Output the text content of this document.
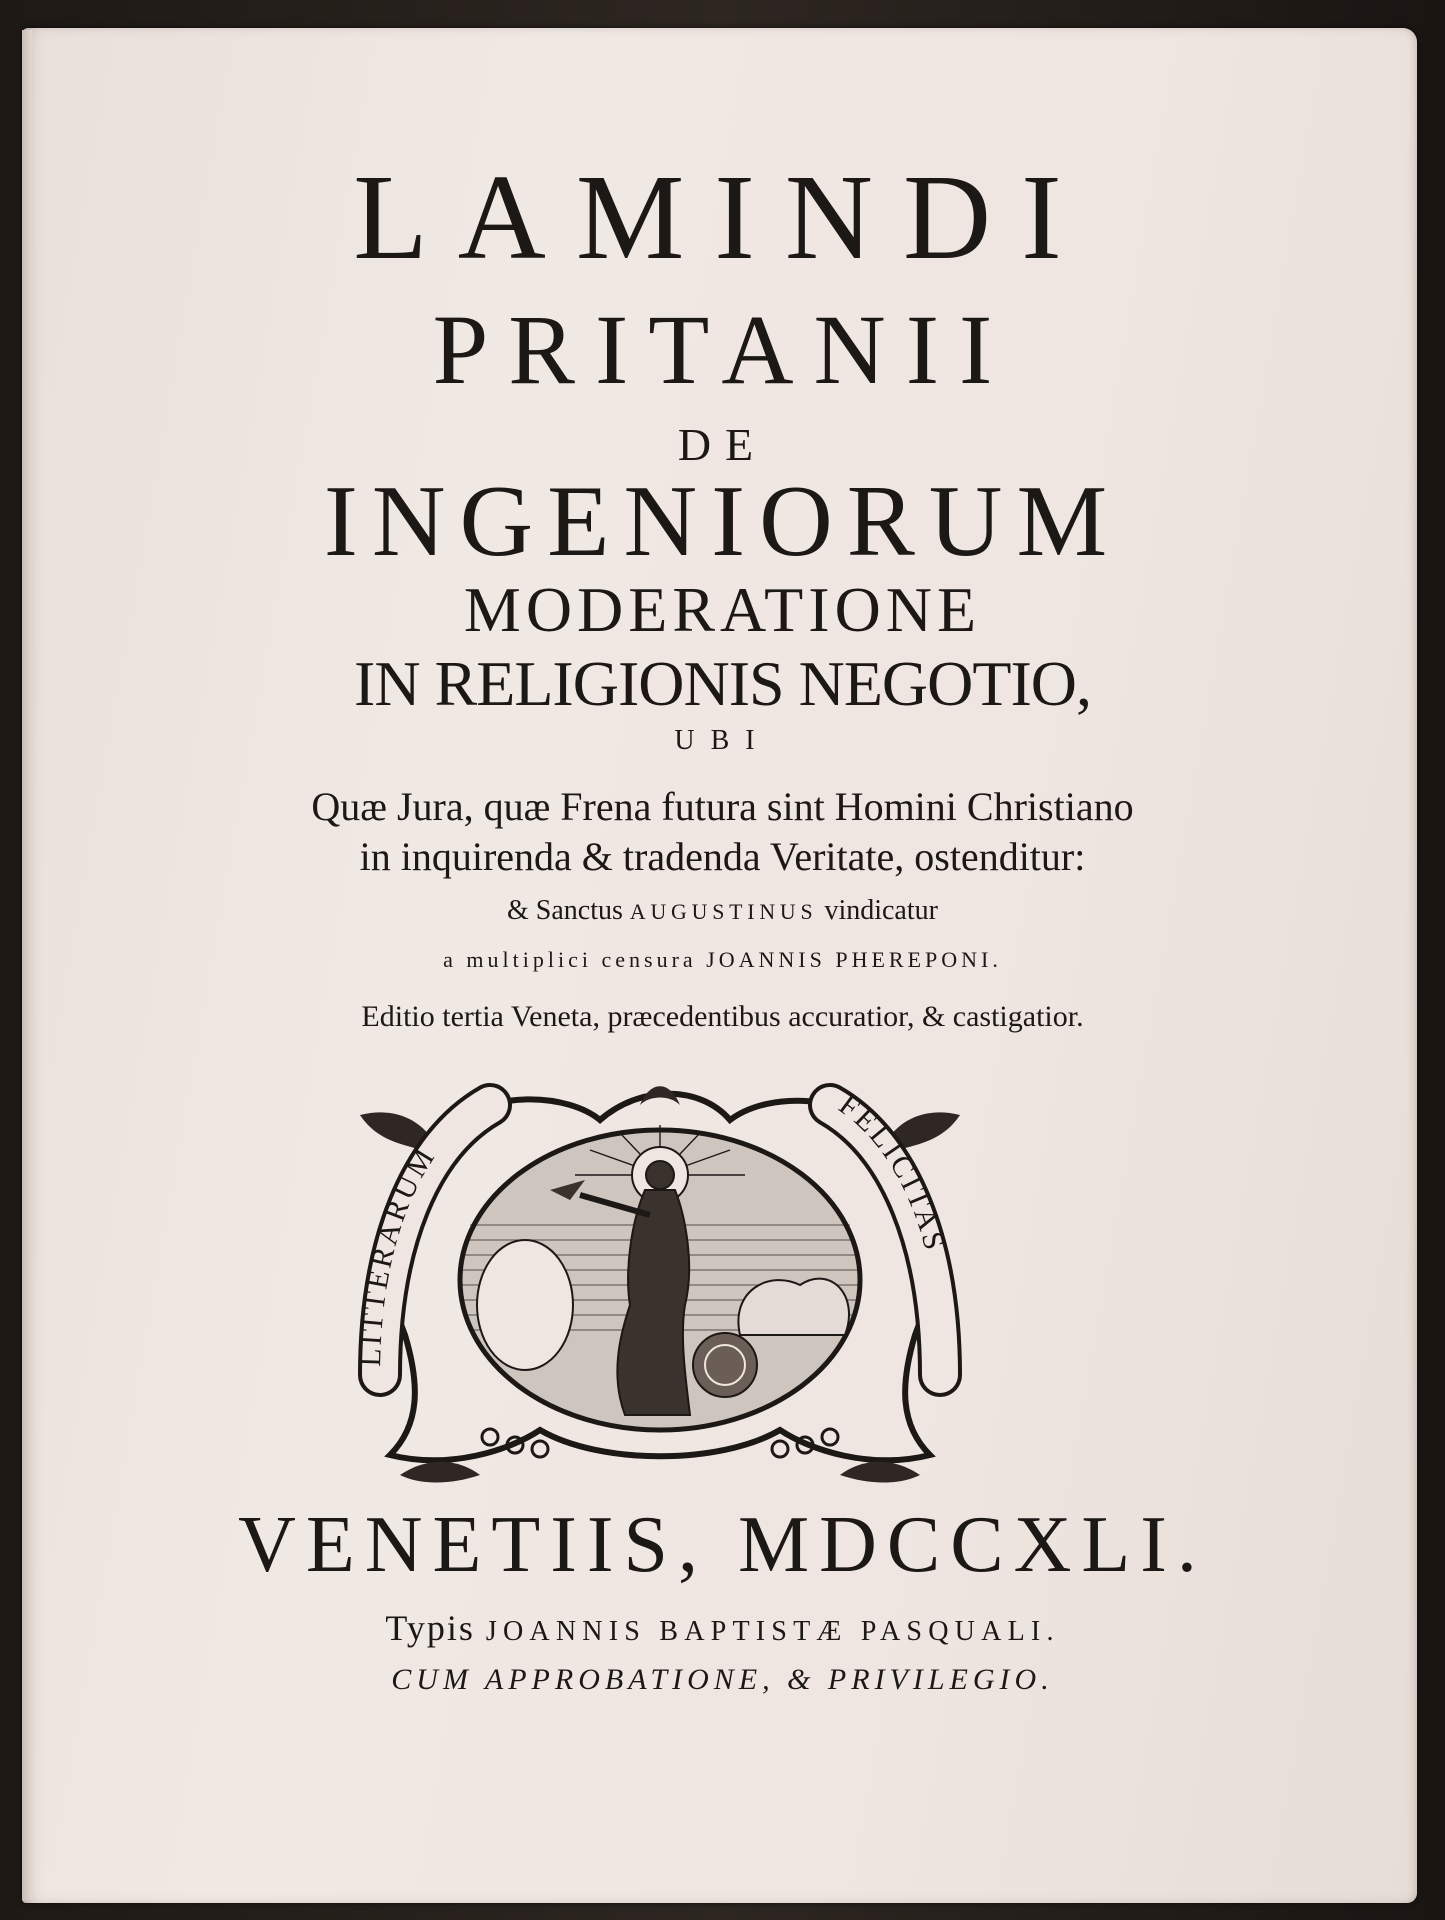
LAMINDI
PRITANII
DE
INGENIORUM
MODERATIONE
IN RELIGIONIS NEGOTIO,
UBI
Quæ Jura, quæ Frena futura sint Homini Christiano
in inquirenda & tradenda Veritate, ostenditur:
& Sanctus AUGUSTINUS vindicatur
a multiplici censura JOANNIS PHEREPONI.
Editio tertia Veneta, præcedentibus accuratior, & castigatior.
LITTERARUM
FELICITAS
VENETIIS, MDCCXLI.
Typis JOANNIS BAPTISTÆ PASQUALI.
CUM APPROBATIONE, & PRIVILEGIO.
